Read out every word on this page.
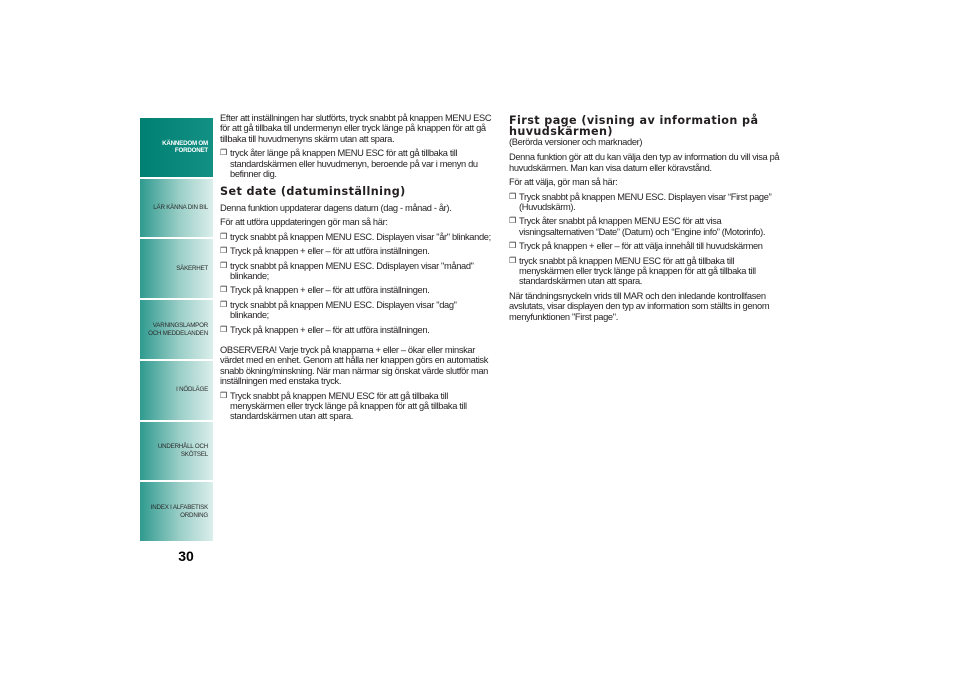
KÄNNEDOM OM
FORDONET
LÄR KÄNNA DIN BIL
SÄKERHET
VARNINGSLAMPOR
OCH MEDDELANDEN
I NÖDLÄGE
UNDERHÅLL OCH
SKÖTSEL
INDEX I ALFABETISK
ORDNING
30

Efter att inställningen har slutförts, tryck snabbt på knappen MENU ESC för att gå tillbaka till undermenyn eller tryck länge på knappen för att gå tillbaka till huvudmenyns skärm utan att spara.

❒ tryck åter länge på knappen MENU ESC för att gå tillbaka till standardskärmen eller huvudmenyn, beroende på var i menyn du befinner dig.
Set date (datuminställning)

Denna funktion uppdaterar dagens datum (dag - månad - år).

För att utföra uppdateringen gör man så här:

❒ tryck snabbt på knappen MENU ESC. Displayen visar "år" blinkande;
❒ Tryck på knappen + eller – för att utföra inställningen.
❒ tryck snabbt på knappen MENU ESC. Ddisplayen visar "månad" blinkande;
❒ Tryck på knappen + eller – för att utföra inställningen.
❒ tryck snabbt på knappen MENU ESC. Displayen visar "dag" blinkande;
❒ Tryck på knappen + eller – för att utföra inställningen.

OBSERVERA! Varje tryck på knapparna + eller – ökar eller minskar värdet med en enhet. Genom att hålla ner knappen görs en automatisk snabb ökning/minskning. När man närmar sig önskat värde slutför man inställningen med enstaka tryck.

❒ Tryck snabbt på knappen MENU ESC för att gå tillbaka till menyskärmen eller tryck länge på knappen för att gå tillbaka till standardskärmen utan att spara.
First page (visning av information på huvudskärmen)

(Berörda versioner och marknader)

Denna funktion gör att du kan välja den typ av information du vill visa på huvudskärmen. Man kan visa datum eller köravstånd.

För att välja, gör man så här:

❒ Tryck snabbt på knappen MENU ESC. Displayen visar “First page” (Huvudskärm).
❒ Tryck åter snabbt på knappen MENU ESC för att visa visningsalternativen “Date” (Datum) och “Engine info” (Motorinfo).
❒ Tryck på knappen + eller – för att välja innehåll till huvudskärmen
❒ tryck snabbt på knappen MENU ESC för att gå tillbaka till menyskärmen eller tryck länge på knappen för att gå tillbaka till standardskärmen utan att spara.

När tändningsnyckeln vrids till MAR och den inledande kontrollfasen avslutats, visar displayen den typ av information som ställts in genom menyfunktionen "First page".
